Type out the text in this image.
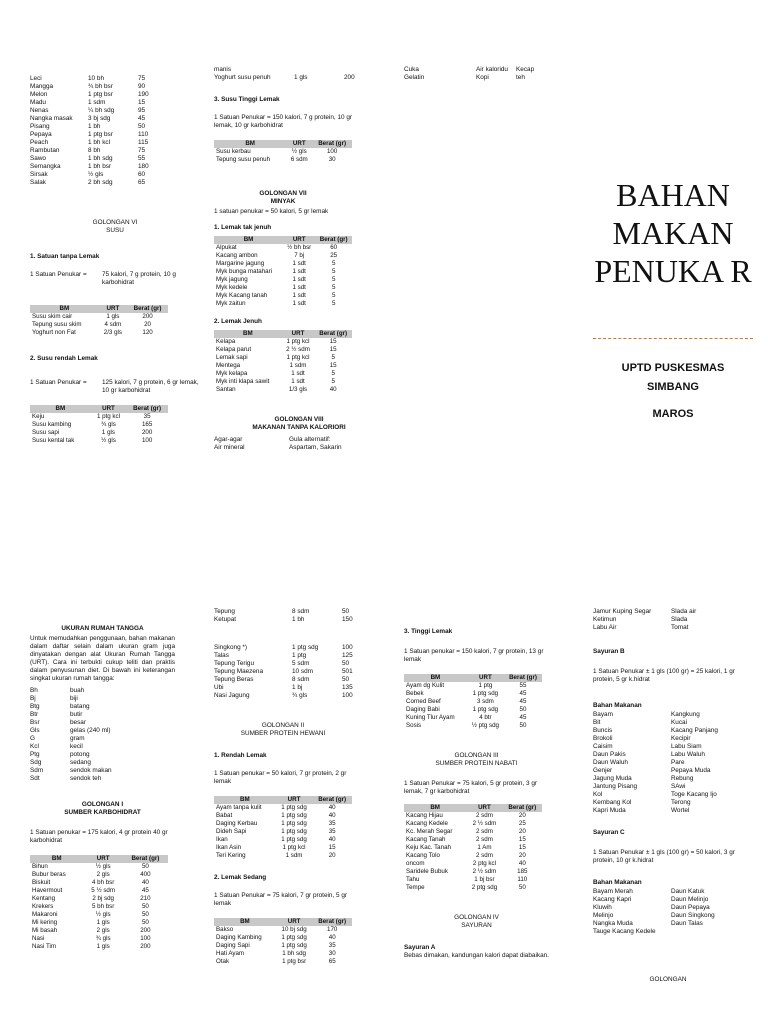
Leci	10 bh	75
Mangga	¾ bh bsr	90
Melon	1 ptg bsr	190
Madu	1 sdm	15
Nenas	¼ bh sdg	95
Nangka masak	3 bj sdg	45
Pisang	1 bh	50
Pepaya	1 ptg bsr	110
Peach	1 bh kcl	115
Rambutan	8 bh	75
Sawo	1 bh sdg	55
Semangka	1 bh bsr	180
Sirsak	½ gls	60
Salak	2 bh sdg	65
GOLONGAN VI
SUSU
1. Satuan tanpa Lemak
1 Satuan Penukar =	75 kalori, 7 g protein, 10 g karbohidrat
BM	URT	Berat (gr)
Susu skim cair	1 gls	200
Tepung susu skim	4 sdm	20
Yoghurt non Fat	2/3 gls	120
2. Susu rendah Lemak
1 Satuan Penukar =	125 kalori, 7 g protein, 6 gr lemak, 10 gr karbohidrat
BM	URT	Berat (gr)
Keju	1 ptg kcl	35
Susu kambing	¾ gls	165
Susu sapi	1 gls	200
Susu kental tak	½ gls	100
manis
Yoghurt susu penuh	1 gls	200
3. Susu Tinggi Lemak
1 Satuan Penukar = 150 kalori, 7 g protein, 10 gr lemak, 10 gr karbohidrat
BM	URT	Berat (gr)
Susu kerbau	½ gls	100
Tepung susu penuh	6 sdm	30
GOLONGAN VII
MINYAK
1 satuan penukar = 50 kalori, 5 gr lemak
1. Lemak tak jenuh
BM	URT	Berat (gr)
Alpukat	½ bh bsr	60
Kacang ambon	7 bj	25
Margarine jagung	1 sdt	5
Myk bunga matahari	1 sdt	5
Myk jagung	1 sdt	5
Myk kedele	1 sdt	5
Myk Kacang tanah	1 sdt	5
Myk zaitun	1 sdt	5
2. Lemak Jenuh
BM	URT	Berat (gr)
Kelapa	1 ptg kcl	15
Kelapa parut	2 ½ sdm	15
Lemak sapi	1 ptg kcl	5
Mentega	1 sdm	15
Myk kelapa	1 sdt	5
Myk inti klapa sawit	1 sdt	5
Santan	1/3 gls	40
GOLONGAN VIII
MAKANAN TANPA KALORIORI
Agar-agar	Gula alternatif:
Air mineral	Aspartam, Sakarin
Cuka	Air kaloridu	Kecap
Gelatin	Kopi	teh
BAHAN MAKAN PENUKA R
UPTD PUSKESMAS SIMBANG
MAROS
UKURAN RUMAH TANGGA
Untuk memudahkan penggunaan, bahan makanan dalam daftar selain dalam ukuran gram juga dinyatakan dengan alat Ukuran Rumah Tangga (URT). Cara ini terbukti cukup teliti dan praktis dalam penyusunan diet. Di bawah ini keterangan singkat ukuran rumah tangga:
Bh	buah
Bj	biji
Btg	batang
Btr	butir
Bsr	besar
Gls	gelas (240 ml)
G	gram
Kcl	kecil
Ptg	potong
Sdg	sedang
Sdm	sendok makan
Sdt	sendok teh
GOLONGAN I
SUMBER KARBOHIDRAT
1 Satuan penukar = 175 kalori, 4 gr protein 40 gr karbohidrat
BM	URT	Berat (gr)
Bihun	½ gls	50
Bubur beras	2 gls	400
Biskuit	4 bh bsr	40
Havermout	5 ½ sdm	45
Kentang	2 bj sdg	210
Krekers	5 bh bsr	50
Makaroni	½ gls	50
Mi kering	1 gls	50
Mi basah	2 gls	200
Nasi	¾ gls	100
Nasi Tim	1 gls	200
Tepung	8 sdm	50
Ketupat	1 bh	150
Singkong *)	1 ptg sdg	100
Talas	1 ptg	125
Tepung Terigu	5 sdm	50
Tepung Maezena	10 sdm	501
Tepung Beras	8 sdm	50
Ubi	1 bj	135
Nasi Jagung	¾ gls	100
GOLONGAN II
SUMBER PROTEIN HEWANI
1. Rendah Lemak
1 Satuan penukar = 50 kalori, 7 gr protein, 2 gr lemak
BM	URT	Berat (gr)
Ayam tanpa kulit	1 ptg sdg	40
Babat	1 ptg sdg	40
Daging Kerbau	1 ptg sdg	35
Dideh Sapi	1 ptg sdg	35
Ikan	1 ptg sdg	40
Ikan Asin	1 ptg kcl	15
Teri Kering	1 sdm	20
2. Lemak Sedang
1 Satuan Penukar = 75 kalori, 7 gr protein, 5 gr lemak
BM	URT	Berat (gr)
Bakso	10 bj sdg	170
Daging Kambing	1 ptg sdg	40
Daging Sapi	1 ptg sdg	35
Hati Ayam	1 bh sdg	30
Otak	1 ptg bsr	65
3. Tinggi Lemak
1 Satuan penukar = 150 kalori, 7 gr protein, 13 gr lemak
BM	URT	Berat (gr)
Ayam dg Kulit	1 ptg	55
Bebek	1 ptg sdg	45
Corned Beef	3 sdm	45
Daging Babi	1 ptg sdg	50
Kuning Tlur Ayam	4 btr	45
Sosis	½ ptg sdg	50
GOLONGAN III
SUMBER PROTEIN NABATI
1 Satuan Penukar = 75 kalori, 5 gr protein, 3 gr lemak, 7 gr karbohidrat
BM	URT	Berat (gr)
Kacang Hijau	2 sdm	20
Kacang Kedele	2 ½ sdm	25
Kc. Merah Segar	2 sdm	20
Kacang Tanah	2 sdm	15
Keju Kac. Tanah	1 Am	15
Kacang Tolo	2 sdm	20
oncom	2 ptg kcl	40
Saridele Bubuk	2 ½ sdm	185
Tahu	1 bj bsr	110
Tempe	2 ptg sdg	50
GOLONGAN IV
SAYURAN
Sayuran A
Bebas dimakan, kandungan kalori dapat diabaikan.
Jamur Kuping Segar	Slada air
Ketimun	Slada
Labu Air	Tomat
Sayuran B
1 Satuan Penukar ± 1 gls (100 gr) = 25 kalori, 1 gr protein, 5 gr k.hidrat
Bahan Makanan
Bayam	Kangkung
Bit	Kucai
Buncis	Kacang Panjang
Brokoli	Kecipir
Caisim	Labu Siam
Daun Pakis	Labu Waluh
Daun Waluh	Pare
Genjer	Pepaya Muda
Jagung Muda	Rebung
Jantung Pisang	SAwi
Kol	Toge Kacang Ijo
Kembang Kol	Terong
Kapri Muda	Wortel
Sayuran C
1 Satuan Penukar ± 1 gls (100 gr) = 50 kalori, 3 gr protein, 10 gr k.hidrat
Bahan Makanan
Bayam Merah	Daun Katuk
Kacang Kapri	Daun Melinjo
Kluwih	Daun Pepaya
Melinjo	Daun Singkong
Nangka Muda	Daun Talas
Tauge Kacang Kedele
GOLONGAN
